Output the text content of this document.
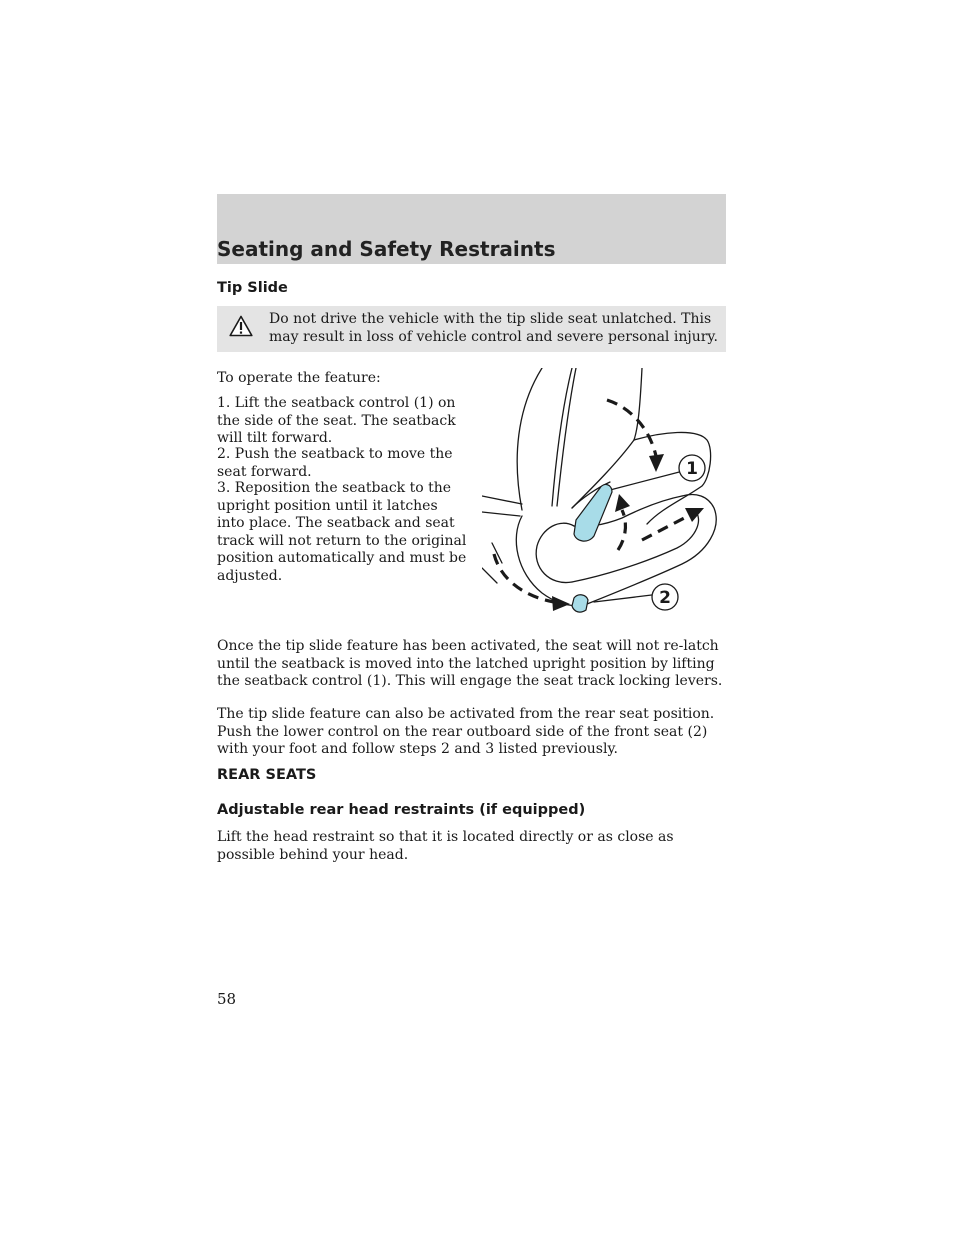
Seating and Safety Restraints
Tip Slide

Do not drive the vehicle with the tip slide seat unlatched. This may result in loss of vehicle control and severe personal injury.

To operate the feature:

1. Lift the seatback control (1) on the side of the seat. The seatback will tilt forward.

2. Push the seatback to move the seat forward.

3. Reposition the seatback to the upright position until it latches into place. The seatback and seat track will not return to the original position automatically and must be adjusted.

1
2

Once the tip slide feature has been activated, the seat will not re-latch until the seatback is moved into the latched upright position by lifting the seatback control (1). This will engage the seat track locking levers.

The tip slide feature can also be activated from the rear seat position. Push the lower control on the rear outboard side of the front seat (2) with your foot and follow steps 2 and 3 listed previously.

REAR SEATS
Adjustable rear head restraints (if equipped)

Lift the head restraint so that it is located directly or as close as possible behind your head.

58
